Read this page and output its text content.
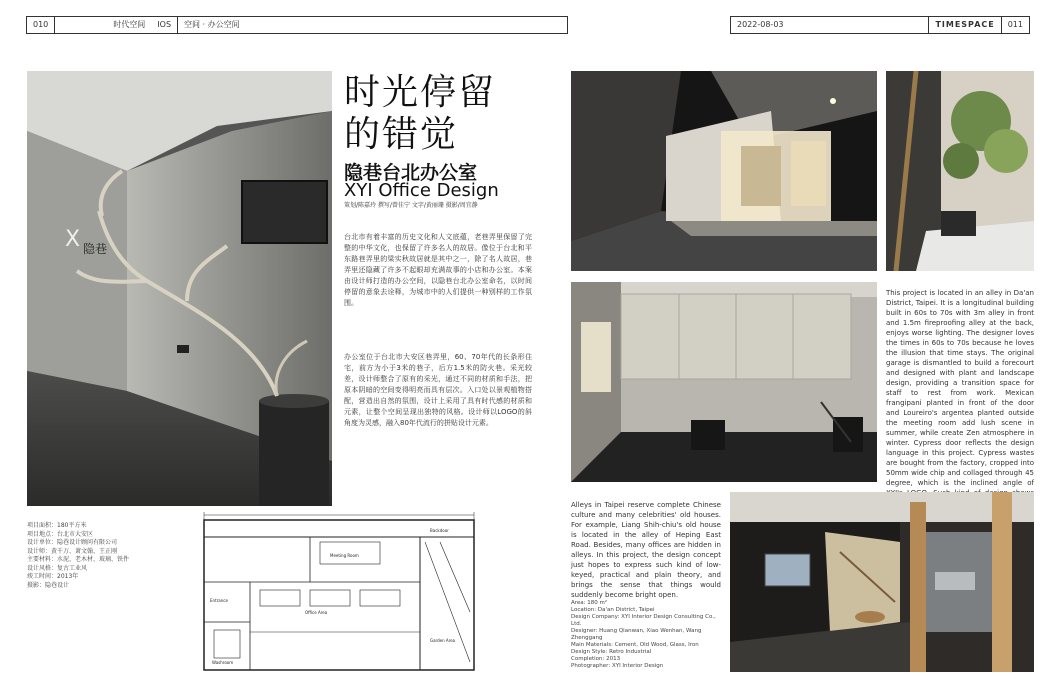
010	时代空间 IOS 空间 · 办公空间	2022-08-03	TIMESPACE 011
X 隐巷
时光停留
的错觉
隐巷台北办公室
XYI Office Design
策划/陈嘉玲 撰写/曾佳宁 文字/黄丽珊 摄影/周宜静
台北市有着丰富的历史文化和人文底蕴，老巷弄里保留了完整的中华文化，也保留了许多名人的故居。像位于台北和平东路巷弄里的梁实秋故居就是其中之一，除了名人故居，巷弄里还隐藏了许多不起眼却充满故事的小店和办公室。本案由设计师打造的办公空间，以隐巷台北办公室命名，以时间停留的意象去诠释，为城市中的人们提供一种别样的工作氛围。
办公室位于台北市大安区巷弄里，60、70年代的长条形住宅，前方为小于3米的巷子，后方1.5米的防火巷。采光较差，设计师整合了原有的采光，通过不同的材质和手法，把原本阴暗的空间变得明亮而具有层次。入口处以景观植物搭配，营造出自然的氛围，设计上采用了具有时代感的材质和元素，让整个空间呈现出独特的风格。设计师以LOGO的斜角度为灵感，融入80年代流行的拼贴设计元素。
项目面积：180平方米
项目地点：台北市大安区
设计单位：隐巷设计顾问有限公司
设计师：黄千万、萧文翰、王正刚
主要材料：水泥、老木材、玻璃、铁件
设计风格：复古工业风
竣工时间：2013年
摄影：隐巷设计
Meeting Room
Office Area
Entrance
Washroom
Garden Area
Backdoor
This project is located in an alley in Da'an District, Taipei. It is a longitudinal building built in 60s to 70s with 3m alley in front and 1.5m fireproofing alley at the back, enjoys worse lighting. The designer loves the times in 60s to 70s because he loves the illusion that time stays. The original garage is dismantled to build a forecourt and designed with plant and landscape design, providing a transition space for staff to rest from work. Mexican frangipani planted in front of the door and Loureiro's argentea planted outside the meeting room add lush scene in summer, while create Zen atmosphere in winter. Cypress door reflects the design language in this project. Cypress wastes are bought from the factory, cropped into 50mm wide chip and collaged through 45 degree, which is the inclined angle of
Alleys in Taipei reserve complete Chinese culture and many celebrities' old houses. For example, Liang Shih-chiu's old house is located in the alley of Heping East Road. Besides, many offices are hidden in alleys. In this project, the design concept just hopes to express such kind of low-keyed, practical and plain theory, and brings the sense that things would suddenly become bright open.
Area: 180 m²
Location: Da'an District, Taipei
Design Company: XYI Interior Design Consulting Co., Ltd.
Designer: Huang Qianwan, Xiao Wenhan, Wang Zhenggang
Main Materials: Cement, Old Wood, Glass, Iron
Design Style: Retro Industrial
Completion: 2013
Photographer: XYI Interior Design
